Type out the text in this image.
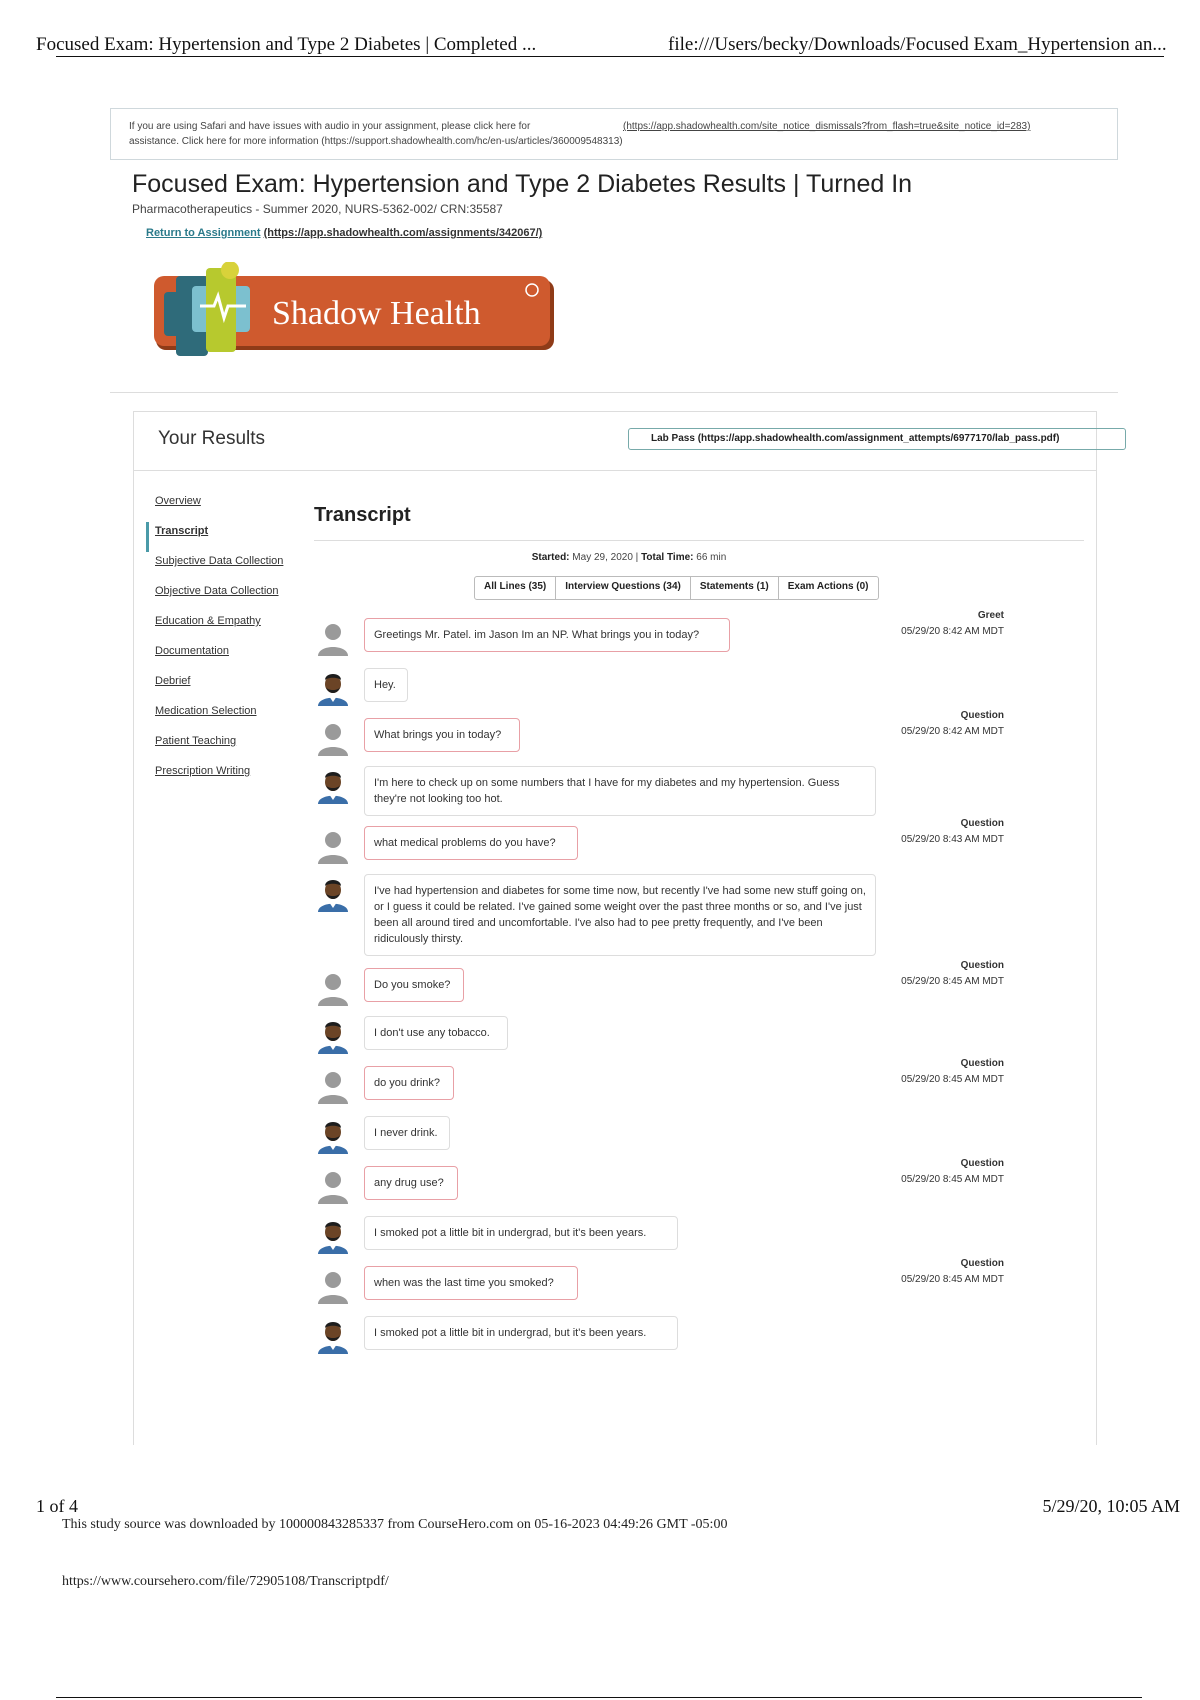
Focused Exam: Hypertension and Type 2 Diabetes | Completed ...	file:///Users/becky/Downloads/Focused Exam_Hypertension an...
If you are using Safari and have issues with audio in your assignment, please click here for	(https://app.shadowhealth.com/site_notice_dismissals?from_flash=true&site_notice_id=283)

assistance. Click here for more information (https://support.shadowhealth.com/hc/en-us/articles/360009548313)
Focused Exam: Hypertension and Type 2 Diabetes Results | Turned In
Pharmacotherapeutics - Summer 2020, NURS-5362-002/ CRN:35587
Return to Assignment (https://app.shadowhealth.com/assignments/342067/)
Shadow Health
Your Results	Lab Pass (https://app.shadowhealth.com/assignment_attempts/6977170/lab_pass.pdf)
Overview
Transcript
Subjective Data Collection
Objective Data Collection
Education & Empathy
Documentation
Debrief
Medication Selection
Patient Teaching
Prescription Writing
Transcript
Started: May 29, 2020 | Total Time: 66 min
All Lines (35)	Interview Questions (34)	Statements (1)	Exam Actions (0)
Greetings Mr. Patel. im Jason Im an NP. What brings you in today?
Greet
05/29/20 8:42 AM MDT
Hey.
What brings you in today?
Question
05/29/20 8:42 AM MDT
I'm here to check up on some numbers that I have for my diabetes and my hypertension. Guess they're not looking too hot.
what medical problems do you have?
Question
05/29/20 8:43 AM MDT
I've had hypertension and diabetes for some time now, but recently I've had some new stuff going on, or I guess it could be related. I've gained some weight over the past three months or so, and I've just been all around tired and uncomfortable. I've also had to pee pretty frequently, and I've been ridiculously thirsty.
Do you smoke?
Question
05/29/20 8:45 AM MDT
I don't use any tobacco.
do you drink?
Question
05/29/20 8:45 AM MDT
I never drink.
any drug use?
Question
05/29/20 8:45 AM MDT
I smoked pot a little bit in undergrad, but it's been years.
when was the last time you smoked?
Question
05/29/20 8:45 AM MDT
I smoked pot a little bit in undergrad, but it's been years.
1 of 4	5/29/20, 10:05 AM
This study source was downloaded by 100000843285337 from CourseHero.com on 05-16-2023 04:49:26 GMT -05:00
https://www.coursehero.com/file/72905108/Transcriptpdf/
